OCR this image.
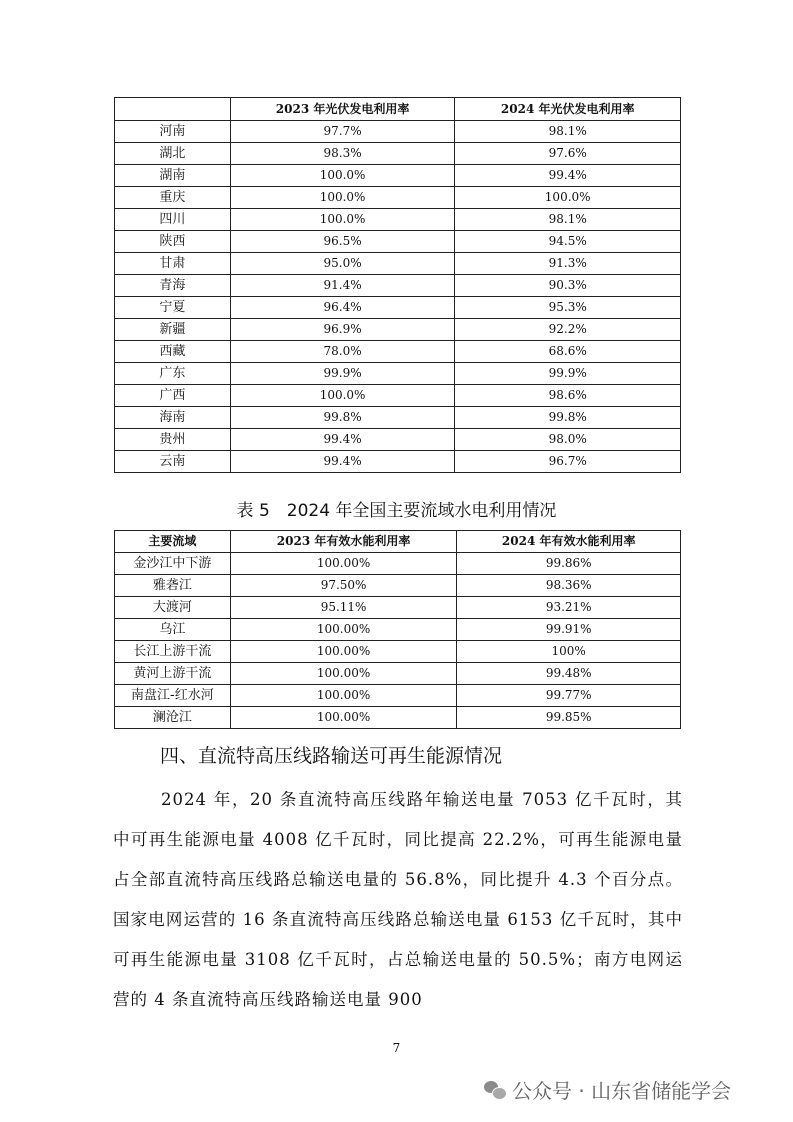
	2023 年光伏发电利用率	2024 年光伏发电利用率
河南	97.7%	98.1%
湖北	98.3%	97.6%
湖南	100.0%	99.4%
重庆	100.0%	100.0%
四川	100.0%	98.1%
陕西	96.5%	94.5%
甘肃	95.0%	91.3%
青海	91.4%	90.3%
宁夏	96.4%	95.3%
新疆	96.9%	92.2%
西藏	78.0%	68.6%
广东	99.9%	99.9%
广西	100.0%	98.6%
海南	99.8%	99.8%
贵州	99.4%	98.0%
云南	99.4%	96.7%
表 5　2024 年全国主要流域水电利用情况
主要流域	2023 年有效水能利用率	2024 年有效水能利用率
金沙江中下游	100.00%	99.86%
雅砻江	97.50%	98.36%
大渡河	95.11%	93.21%
乌江	100.00%	99.91%
长江上游干流	100.00%	100%
黄河上游干流	100.00%	99.48%
南盘江-红水河	100.00%	99.77%
澜沧江	100.00%	99.85%
四、直流特高压线路输送可再生能源情况

2024 年，20 条直流特高压线路年输送电量 7053 亿千瓦时，其中可再生能源电量 4008 亿千瓦时，同比提高 22.2%，可再生能源电量占全部直流特高压线路总输送电量的 56.8%，同比提升 4.3 个百分点。国家电网运营的 16 条直流特高压线路总输送电量 6153 亿千瓦时，其中可再生能源电量 3108 亿千瓦时，占总输送电量的 50.5%；南方电网运营的 4 条直流特高压线路输送电量 900

7
公众号 · 山东省储能学会
